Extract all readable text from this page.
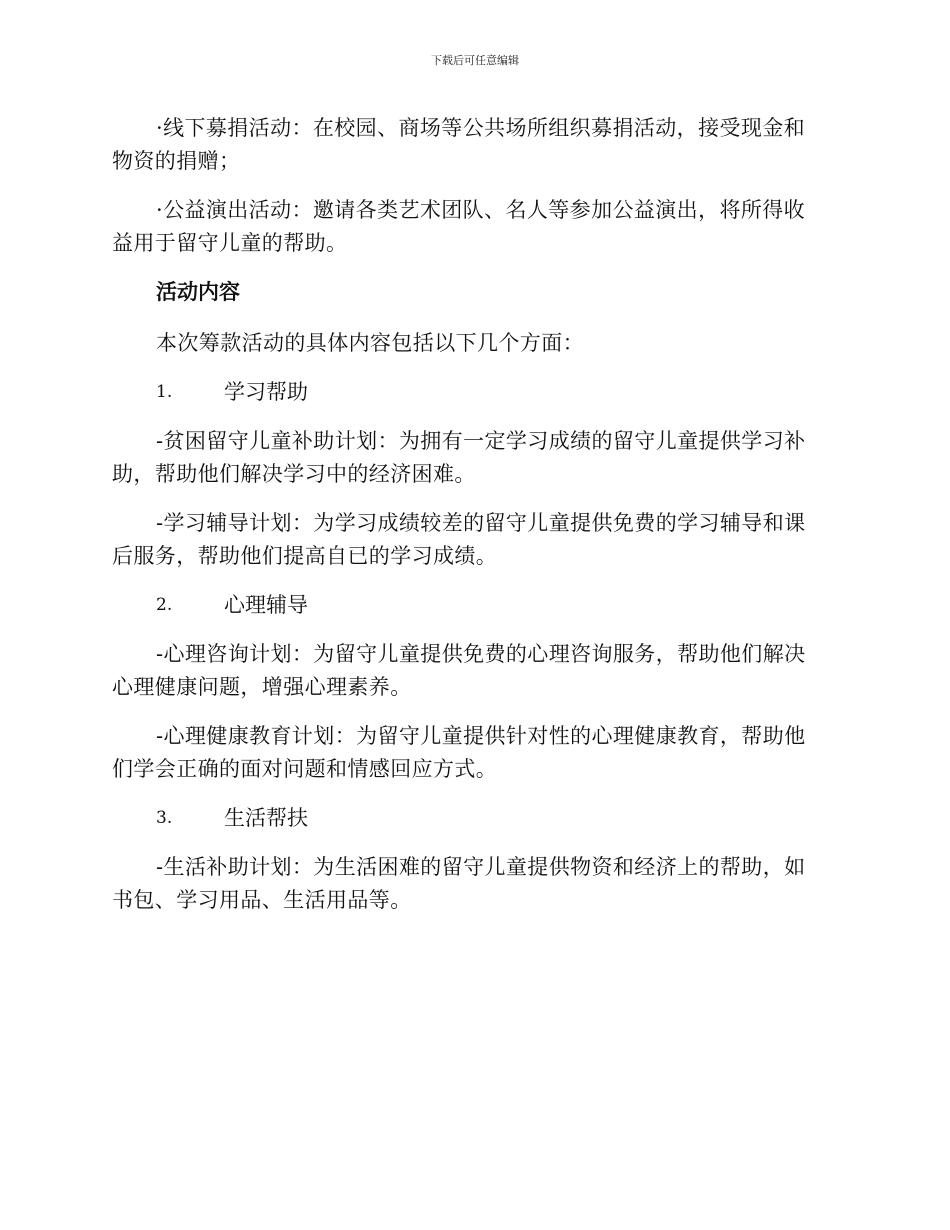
下载后可任意编辑

·线下募捐活动：在校园、商场等公共场所组织募捐活动，接受现金和物资的捐赠；

·公益演出活动：邀请各类艺术团队、名人等参加公益演出，将所得收益用于留守儿童的帮助。

活动内容

本次筹款活动的具体内容包括以下几个方面：

1.	学习帮助

-贫困留守儿童补助计划：为拥有一定学习成绩的留守儿童提供学习补助，帮助他们解决学习中的经济困难。

-学习辅导计划：为学习成绩较差的留守儿童提供免费的学习辅导和课后服务，帮助他们提高自已的学习成绩。

2.	心理辅导

-心理咨询计划：为留守儿童提供免费的心理咨询服务，帮助他们解决心理健康问题，增强心理素养。

-心理健康教育计划：为留守儿童提供针对性的心理健康教育，帮助他们学会正确的面对问题和情感回应方式。

3.	生活帮扶

-生活补助计划：为生活困难的留守儿童提供物资和经济上的帮助，如书包、学习用品、生活用品等。
